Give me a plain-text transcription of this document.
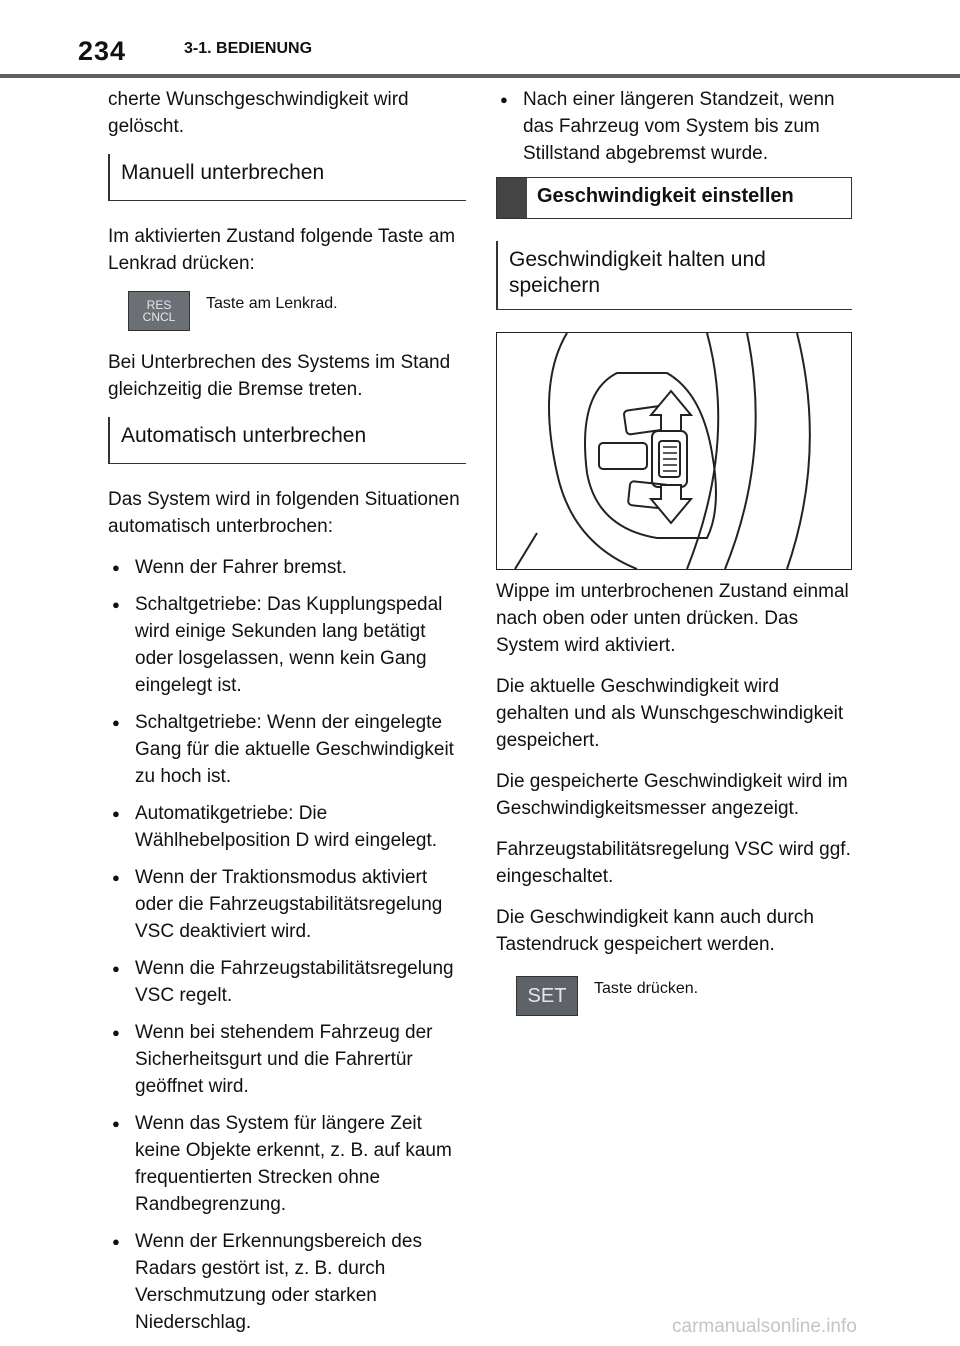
234	3-1. BEDIENUNG

cherte Wunschgeschwindigkeit wird gelöscht.

Manuell unterbrechen

Im aktivierten Zustand folgende Taste am Lenkrad drücken:

RES
CNCL
Taste am Lenkrad.

Bei Unterbrechen des Systems im Stand gleichzeitig die Bremse treten.

Automatisch unterbrechen

Das System wird in folgenden Situationen automatisch unterbrochen:

● Wenn der Fahrer bremst.
● Schaltgetriebe: Das Kupplungspedal wird einige Sekunden lang betätigt oder losgelassen, wenn kein Gang eingelegt ist.
● Schaltgetriebe: Wenn der eingelegte Gang für die aktuelle Geschwindigkeit zu hoch ist.
● Automatikgetriebe: Die Wählhebelposition D wird eingelegt.
● Wenn der Traktionsmodus aktiviert oder die Fahrzeugstabilitätsregelung VSC deaktiviert wird.
● Wenn die Fahrzeugstabilitätsregelung VSC regelt.
● Wenn bei stehendem Fahrzeug der Sicherheitsgurt und die Fahrertür geöffnet wird.
● Wenn das System für längere Zeit keine Objekte erkennt, z. B. auf kaum frequentierten Strecken ohne Randbegrenzung.
● Wenn der Erkennungsbereich des Radars gestört ist, z. B. durch Verschmutzung oder starken Niederschlag.
● Nach einer längeren Standzeit, wenn das Fahrzeug vom System bis zum Stillstand abgebremst wurde.
Geschwindigkeit einstellen
Geschwindigkeit halten und speichern

Wippe im unterbrochenen Zustand einmal nach oben oder unten drücken. Das System wird aktiviert.

Die aktuelle Geschwindigkeit wird gehalten und als Wunschgeschwindigkeit gespeichert.

Die gespeicherte Geschwindigkeit wird im Geschwindigkeitsmesser angezeigt.

Fahrzeugstabilitätsregelung VSC wird ggf. eingeschaltet.

Die Geschwindigkeit kann auch durch Tastendruck gespeichert werden.

SET Taste drücken.
carmanualsonline.info
